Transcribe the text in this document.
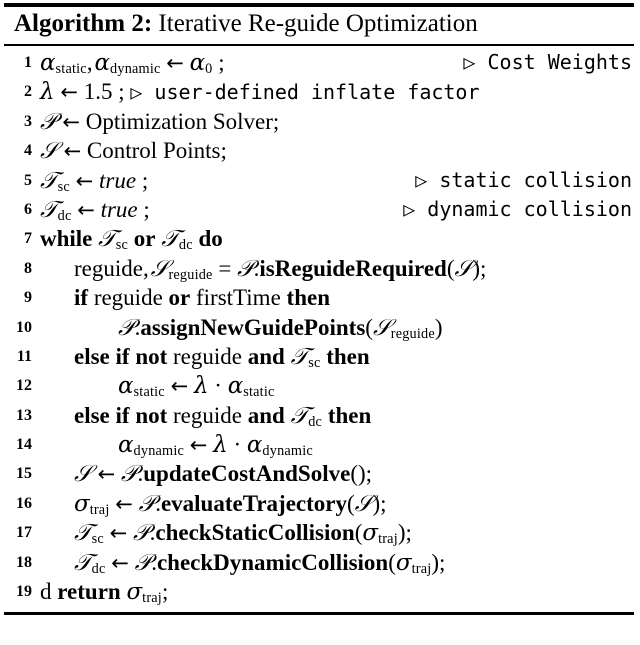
Algorithm 2: Iterative Re-guide Optimization
1 $\alpha_{static}$, $\alpha_{dynamic}$ ← $\alpha_0$ ;	▷ Cost Weights
2 λ ← 1.5 ; ▷ user-defined inflate factor
3 𝒫 ← Optimization Solver;
4 𝒮 ← Control Points;
5 𝒯$_{sc}$ ← true ;	▷ static collision
6 𝒯$_{dc}$ ← true ;	▷ dynamic collision
7 while 𝒯$_{sc}$ or 𝒯$_{dc}$ do
8 reguide, 𝒮$_{reguide}$ = 𝒫.isReguideRequired(𝒮);
9 if reguide or firstTime then
10	𝒫.assignNewGuidePoints(𝒮$_{reguide}$)
11 else if not reguide and 𝒯$_{sc}$ then
12	$\alpha_{static}$ ← $\lambda \cdot \alpha_{static}$
13 else if not reguide and 𝒯$_{dc}$ then
14	$\alpha_{dynamic}$ ← $\lambda \cdot \alpha_{dynamic}$
15 𝒮 ← 𝒫.updateCostAndSolve();
16 $\sigma_{traj}$ ← 𝒫.evaluateTrajectory(𝒮);
17 𝒯$_{sc}$ ← $𝒫.checkStaticCollision(\sigma_{traj})$;
18 𝒯$_{dc}$ ← $𝒫.checkDynamicCollision(\sigma_{traj})$;
19 d return $\sigma_{traj}$;
